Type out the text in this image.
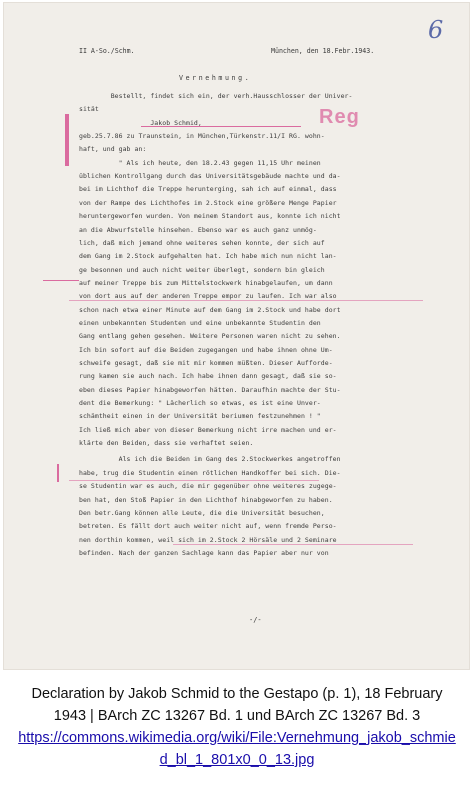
6
II A-So./Schm.	München, den 18.Febr.1943.
Vernehmung.
Reg
Bestellt, findet sich ein, der verh.Hausschlosser der Univer-
sität
Jakob Schmid,
geb.25.7.86 zu Traunstein, in München,Türkenstr.11/I RG. wohn-
haft, und gab an:
" Als ich heute, den 18.2.43 gegen 11,15 Uhr meinen
üblichen Kontrollgang durch das Universitätsgebäude machte und da-
bei im Lichthof die Treppe herunterging, sah ich auf einmal, dass
von der Rampe des Lichthofes im 2.Stock eine größere Menge Papier
heruntergeworfen wurden. Von meinem Standort aus, konnte ich nicht
an die Abwurfstelle hinsehen. Ebenso war es auch ganz unmög-
lich, daß mich jemand ohne weiteres sehen konnte, der sich auf
dem Gang im 2.Stock aufgehalten hat. Ich habe mich nun nicht lan-
ge besonnen und auch nicht weiter überlegt, sondern bin gleich
auf meiner Treppe bis zum Mittelstockwerk hinabgelaufen, um dann
von dort aus auf der anderen Treppe empor zu laufen. Ich war also
schon nach etwa einer Minute auf dem Gang im 2.Stock und habe dort
einen unbekannten Studenten und eine unbekannte Studentin den
Gang entlang gehen gesehen. Weitere Personen waren nicht zu sehen.
Ich bin sofort auf die Beiden zugegangen und habe ihnen ohne Um-
schweife gesagt, daß sie mit mir kommen müßten. Dieser Aufforde-
rung kamen sie auch nach. Ich habe ihnen dann gesagt, daß sie so-
eben dieses Papier hinabgeworfen hätten. Daraufhin machte der Stu-
dent die Bemerkung: " Lächerlich so etwas, es ist eine Unver-
schämtheit einen in der Universität beriumen festzunehmen ! "
Ich ließ mich aber von dieser Bemerkung nicht irre machen und er-
klärte den Beiden, dass sie verhaftet seien.
Als ich die Beiden im Gang des 2.Stockwerkes angetroffen
habe, trug die Studentin einen rötlichen Handkoffer bei sich. Die-
se Studentin war es auch, die mir gegenüber ohne weiteres zugege-
ben hat, den Stoß Papier in den Lichthof hinabgeworfen zu haben.
Den betr.Gang können alle Leute, die die Universität besuchen,
betreten. Es fällt dort auch weiter nicht auf, wenn fremde Perso-
nen dorthin kommen, weil sich im 2.Stock 2 Hörsäle und 2 Seminare
befinden. Nach der ganzen Sachlage kann das Papier aber nur von
-/-
Declaration by Jakob Schmid to the Gestapo (p. 1), 18 February
1943 | BArch ZC 13267 Bd. 1 und BArch ZC 13267 Bd. 3
https://commons.wikimedia.org/wiki/File:Vernehmung_jakob_schmie
d_bl_1_801x0_0_13.jpg
